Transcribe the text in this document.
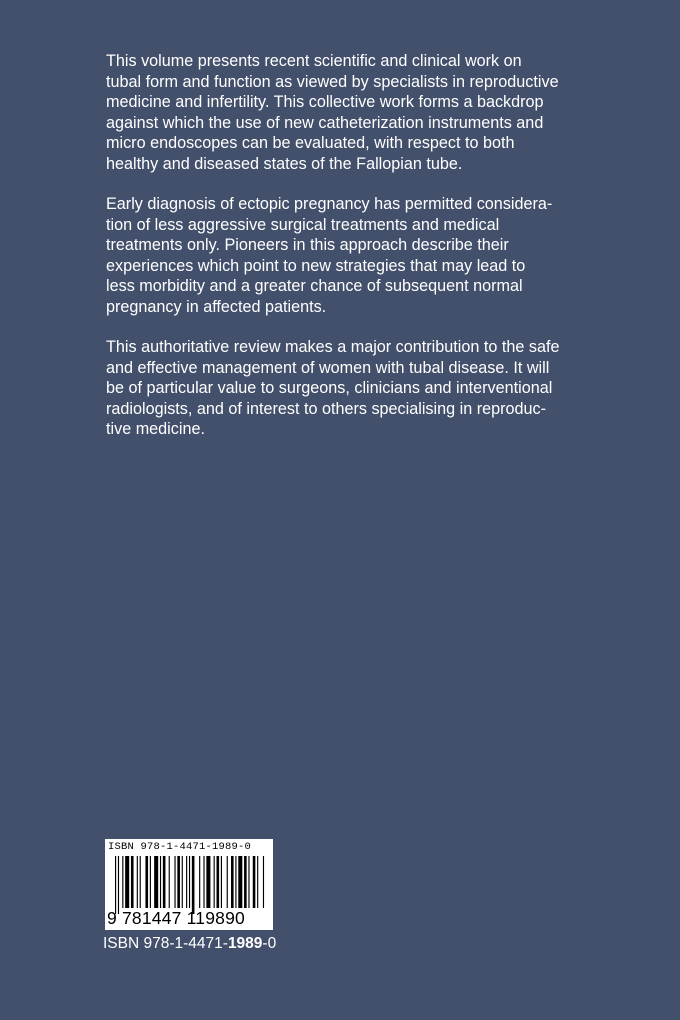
This volume presents recent scientific and clinical work on
tubal form and function as viewed by specialists in reproductive
medicine and infertility. This collective work forms a backdrop
against which the use of new catheterization instruments and
micro endoscopes can be evaluated, with respect to both
healthy and diseased states of the Fallopian tube.

Early diagnosis of ectopic pregnancy has permitted considera-
tion of less aggressive surgical treatments and medical
treatments only. Pioneers in this approach describe their
experiences which point to new strategies that may lead to
less morbidity and a greater chance of subsequent normal
pregnancy in affected patients.

This authoritative review makes a major contribution to the safe
and effective management of women with tubal disease. It will
be of particular value to surgeons, clinicians and interventional
radiologists, and of interest to others specialising in reproduc-
tive medicine.

ISBN 978-1-4471-1989-0
9 781447 119890
ISBN 978-1-4471-1989-0
